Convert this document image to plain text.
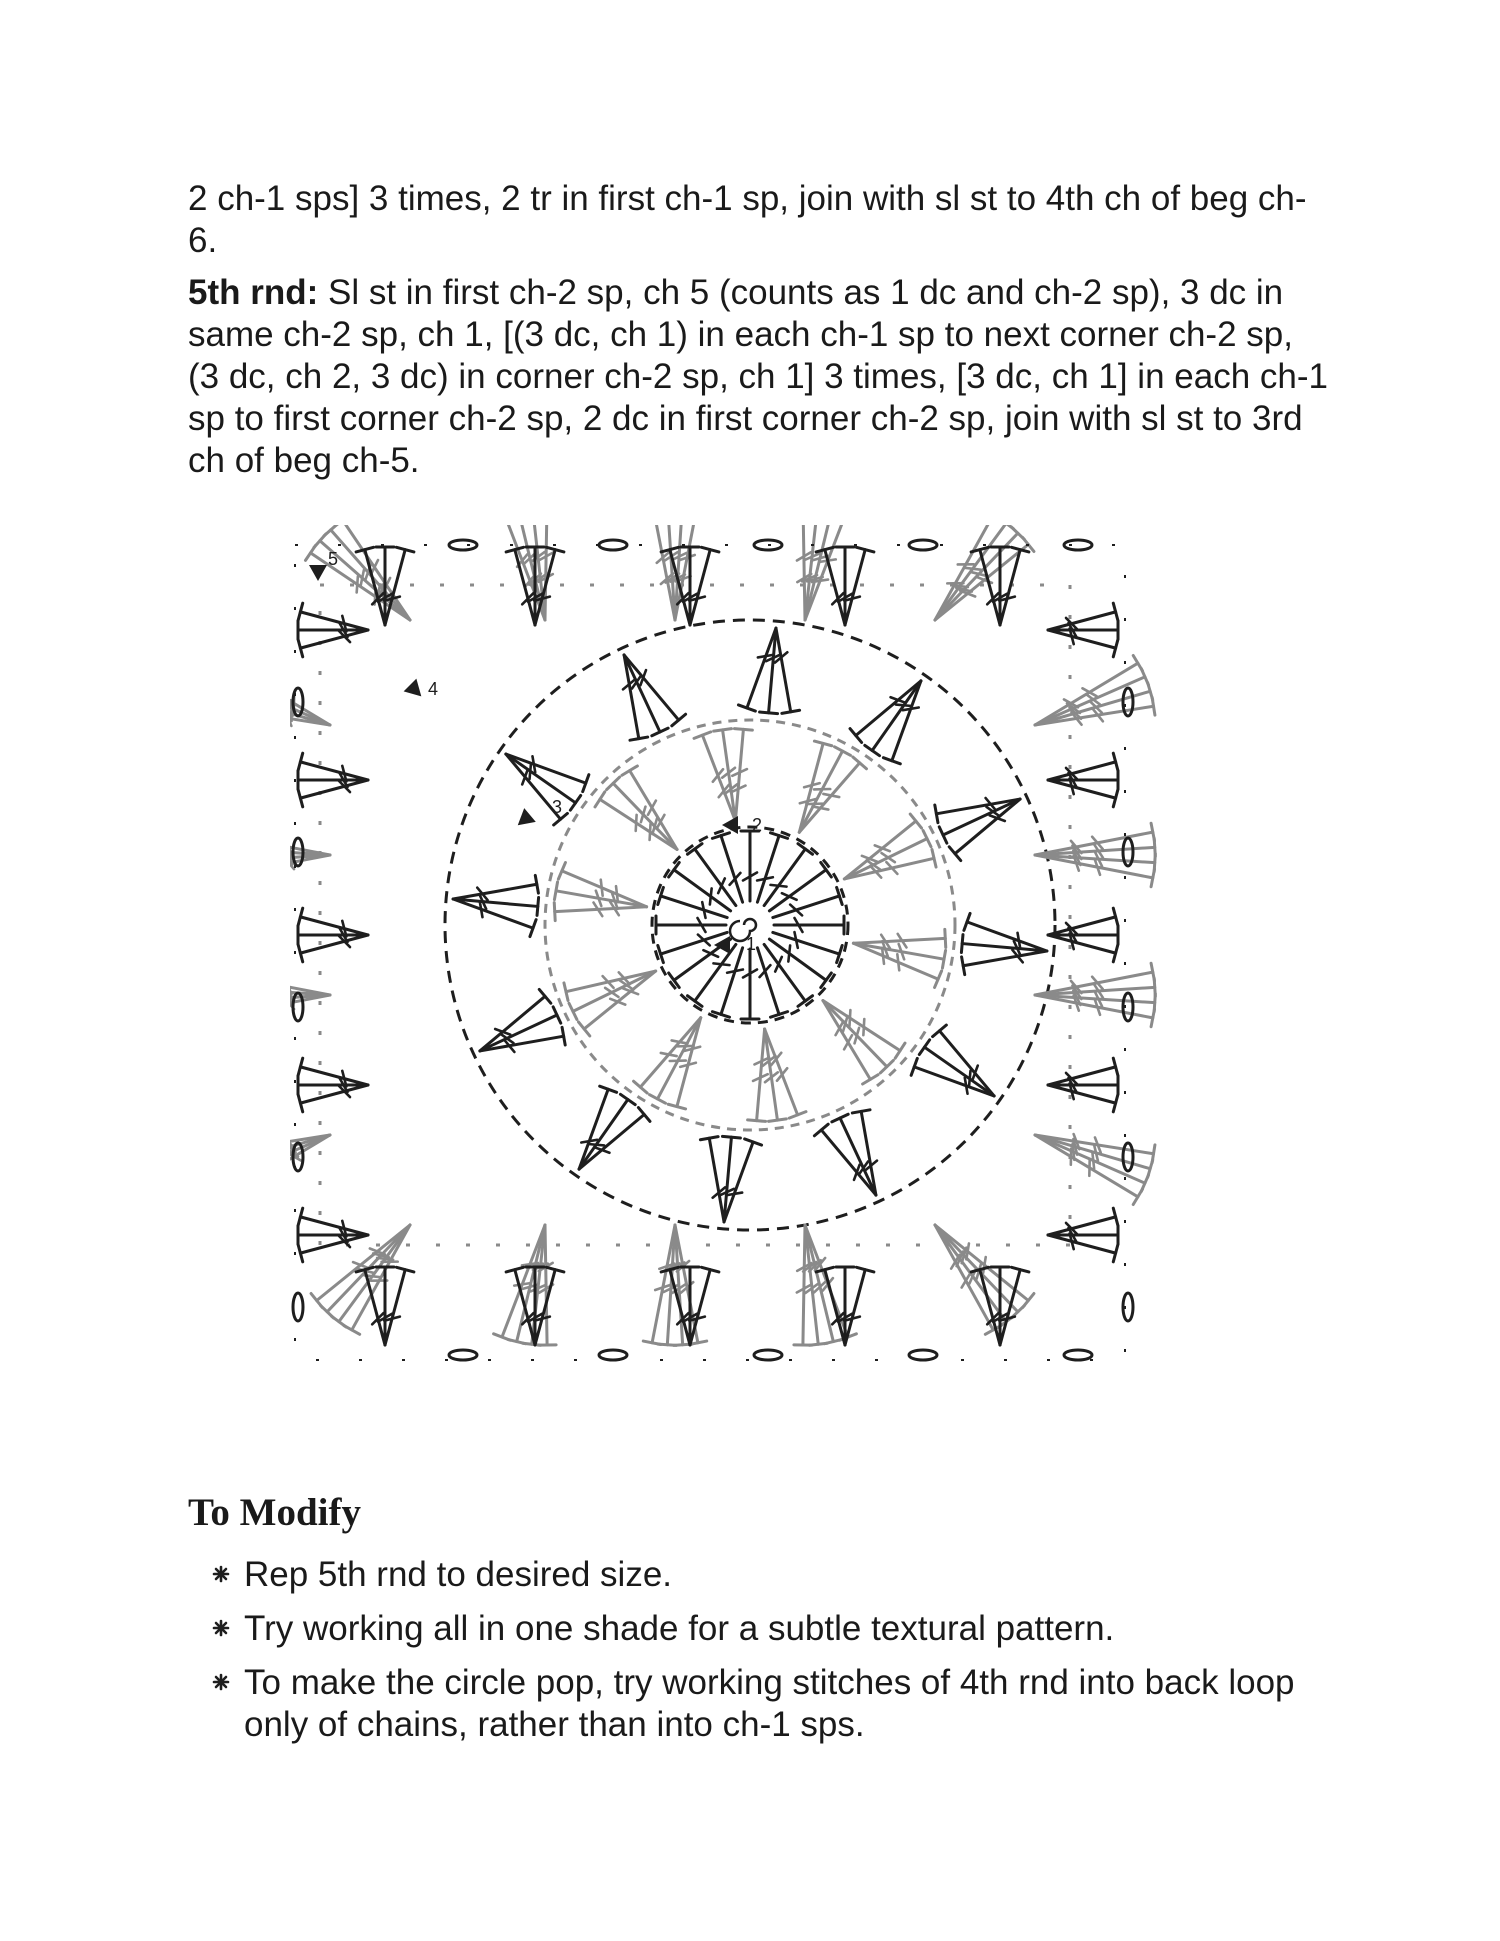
2 ch-1 sps] 3 times, 2 tr in first ch-1 sp, join with sl st to 4th ch of beg ch-6.
5th rnd: Sl st in first ch-2 sp, ch 5 (counts as 1 dc and ch-2 sp), 3 dc in same ch-2 sp, ch 1, [(3 dc, ch 1) in each ch-1 sp to next corner ch-2 sp, (3 dc, ch 2, 3 dc) in corner ch-2 sp, ch 1] 3 times, [3 dc, ch 1] in each ch-1 sp to first corner ch-2 sp, 2 dc in first corner ch-2 sp, join with sl st to 3rd ch of beg ch-5.
5
4
3
2
1
To Modify
Rep 5th rnd to desired size.
Try working all in one shade for a subtle textural pattern.
To make the circle pop, try working stitches of 4th rnd into back loop only of chains, rather than into ch-1 sps.
